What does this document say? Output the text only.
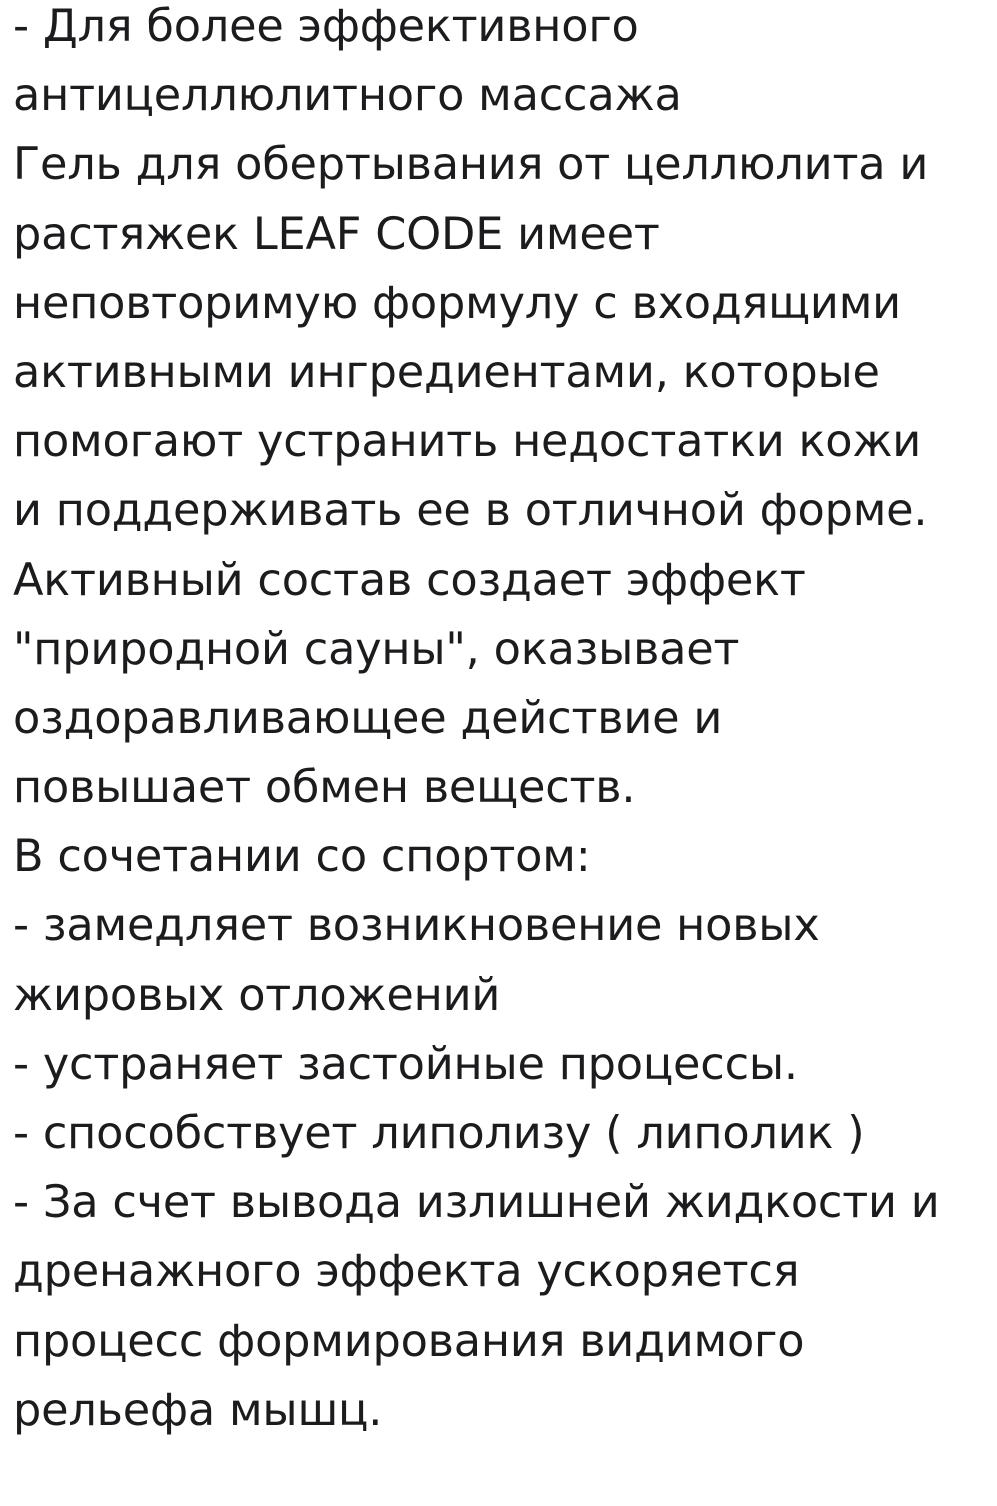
- Для более эффективного
антицеллюлитного массажа
Гель для обертывания от целлюлита и
растяжек LEAF CODE имеет
неповторимую формулу с входящими
активными ингредиентами, которые
помогают устранить недостатки кожи
и поддерживать ее в отличной форме.
Активный состав создает эффект
"природной сауны", оказывает
оздоравливающее действие и
повышает обмен веществ.
В сочетании со спортом:
- замедляет возникновение новых
жировых отложений
- устраняет застойные процессы.
- способствует липолизу ( липолик )
- За счет вывода излишней жидкости и
дренажного эффекта ускоряется
процесс формирования видимого
рельефа мышц.
